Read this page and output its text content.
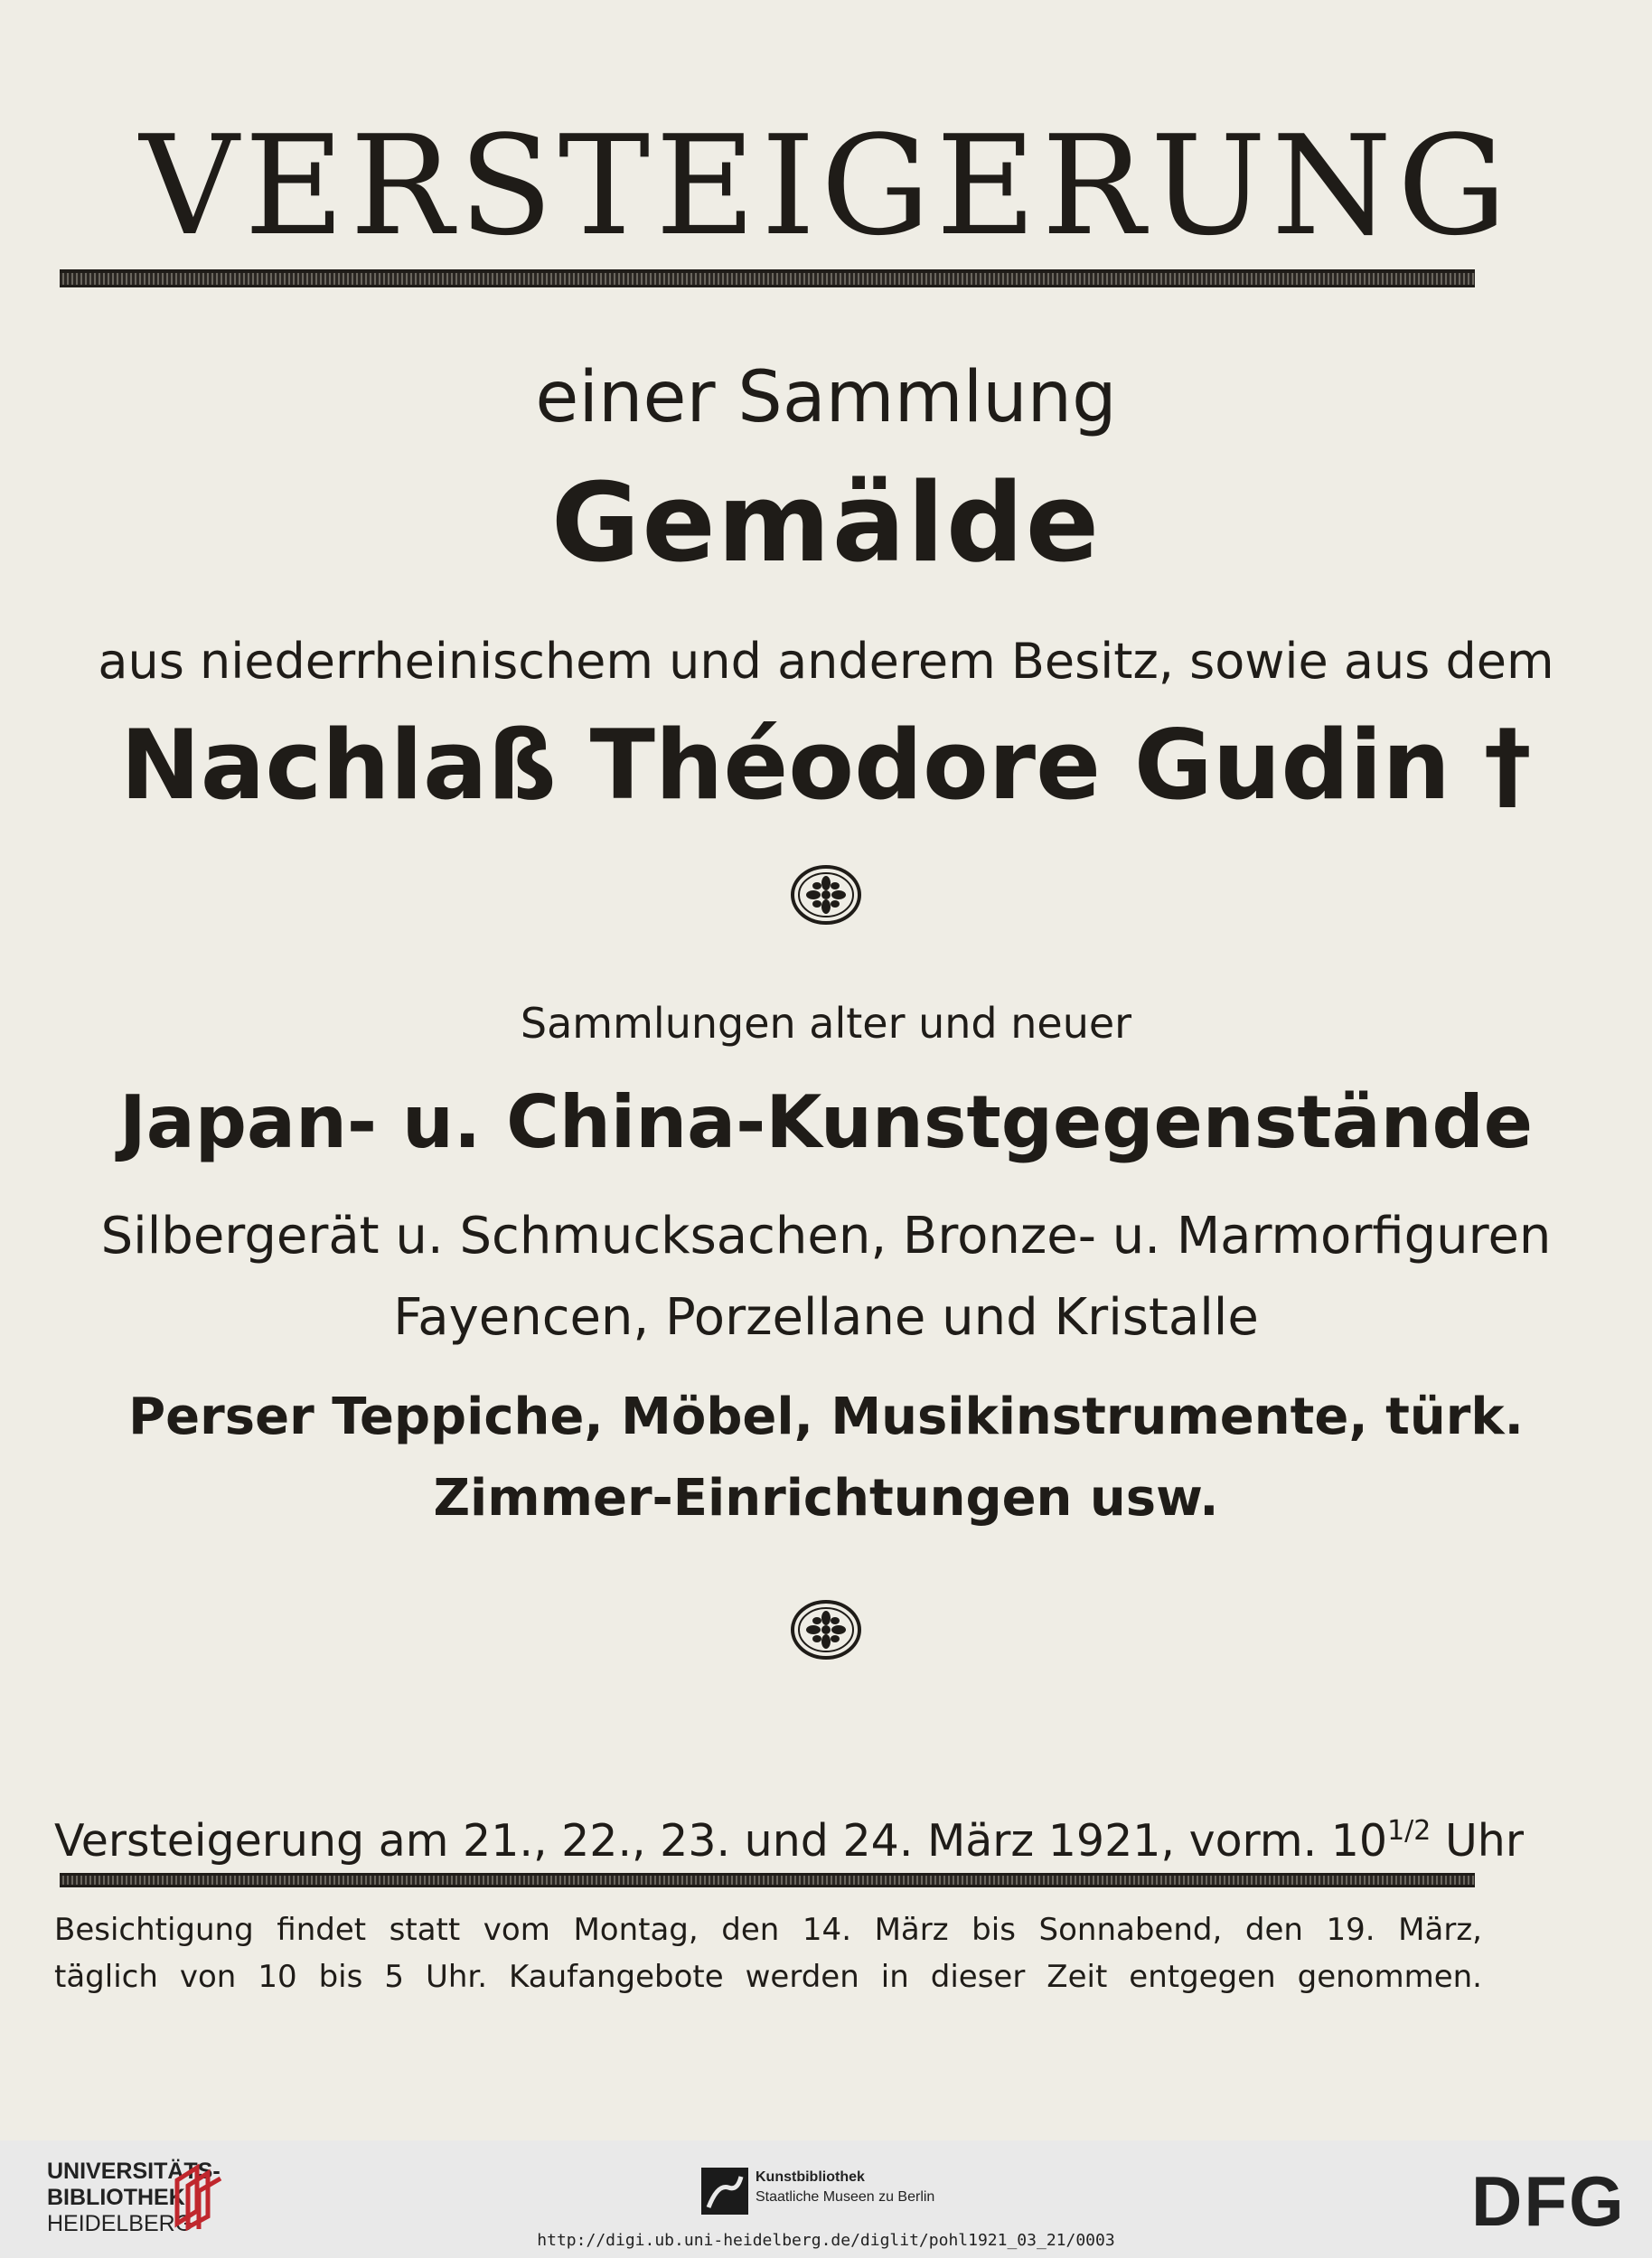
VERSTEIGERUNG
einer Sammlung
Gemälde
aus niederrheinischem und anderem Besitz, sowie aus dem
Nachlaß Théodore Gudin †
Sammlungen alter und neuer
Japan- u. China-Kunstgegenstände
Silbergerät u. Schmucksachen, Bronze- u. Marmorfiguren
Fayencen, Porzellane und Kristalle
Perser Teppiche, Möbel, Musikinstrumente, türk.
Zimmer-Einrichtungen usw.
Versteigerung am 21., 22., 23. und 24. März 1921, vorm. $10^{1/2}$ Uhr
Besichtigung findet statt vom Montag, den 14. März bis Sonnabend, den 19. März,
täglich von 10 bis 5 Uhr. Kaufangebote werden in dieser Zeit entgegen genommen.
UNIVERSITÄTS-
BIBLIOTHEK
HEIDELBERG
Kunstbibliothek
Staatliche Museen zu Berlin	DFG
http://digi.ub.uni-heidelberg.de/diglit/pohl1921_03_21/0003
